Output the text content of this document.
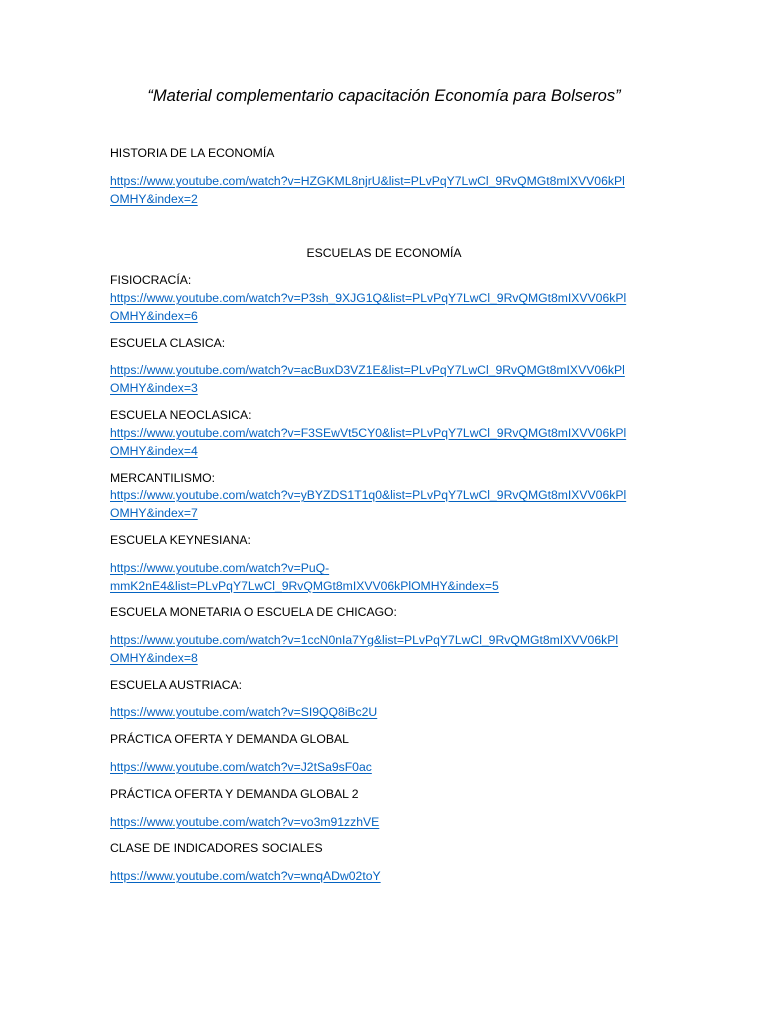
“Material complementario capacitación Economía para Bolseros”
HISTORIA DE LA ECONOMÍA
https://www.youtube.com/watch?v=HZGKML8njrU&list=PLvPqY7LwCl_9RvQMGt8mIXVV06kPl
OMHY&index=2
ESCUELAS DE ECONOMÍA
FISIOCRACÍA:
https://www.youtube.com/watch?v=P3sh_9XJG1Q&list=PLvPqY7LwCl_9RvQMGt8mIXVV06kPl
OMHY&index=6
ESCUELA CLASICA:
https://www.youtube.com/watch?v=acBuxD3VZ1E&list=PLvPqY7LwCl_9RvQMGt8mIXVV06kPl
OMHY&index=3
ESCUELA NEOCLASICA:
https://www.youtube.com/watch?v=F3SEwVt5CY0&list=PLvPqY7LwCl_9RvQMGt8mIXVV06kPl
OMHY&index=4
MERCANTILISMO:
https://www.youtube.com/watch?v=yBYZDS1T1q0&list=PLvPqY7LwCl_9RvQMGt8mIXVV06kPl
OMHY&index=7
ESCUELA KEYNESIANA:
https://www.youtube.com/watch?v=PuQ-
mmK2nE4&list=PLvPqY7LwCl_9RvQMGt8mIXVV06kPlOMHY&index=5
ESCUELA MONETARIA O ESCUELA DE CHICAGO:
https://www.youtube.com/watch?v=1ccN0nIa7Yg&list=PLvPqY7LwCl_9RvQMGt8mIXVV06kPl
OMHY&index=8
ESCUELA AUSTRIACA:
https://www.youtube.com/watch?v=SI9QQ8iBc2U
PRÁCTICA OFERTA Y DEMANDA GLOBAL
https://www.youtube.com/watch?v=J2tSa9sF0ac
PRÁCTICA OFERTA Y DEMANDA GLOBAL 2
https://www.youtube.com/watch?v=vo3m91zzhVE
CLASE DE INDICADORES SOCIALES
https://www.youtube.com/watch?v=wnqADw02toY
